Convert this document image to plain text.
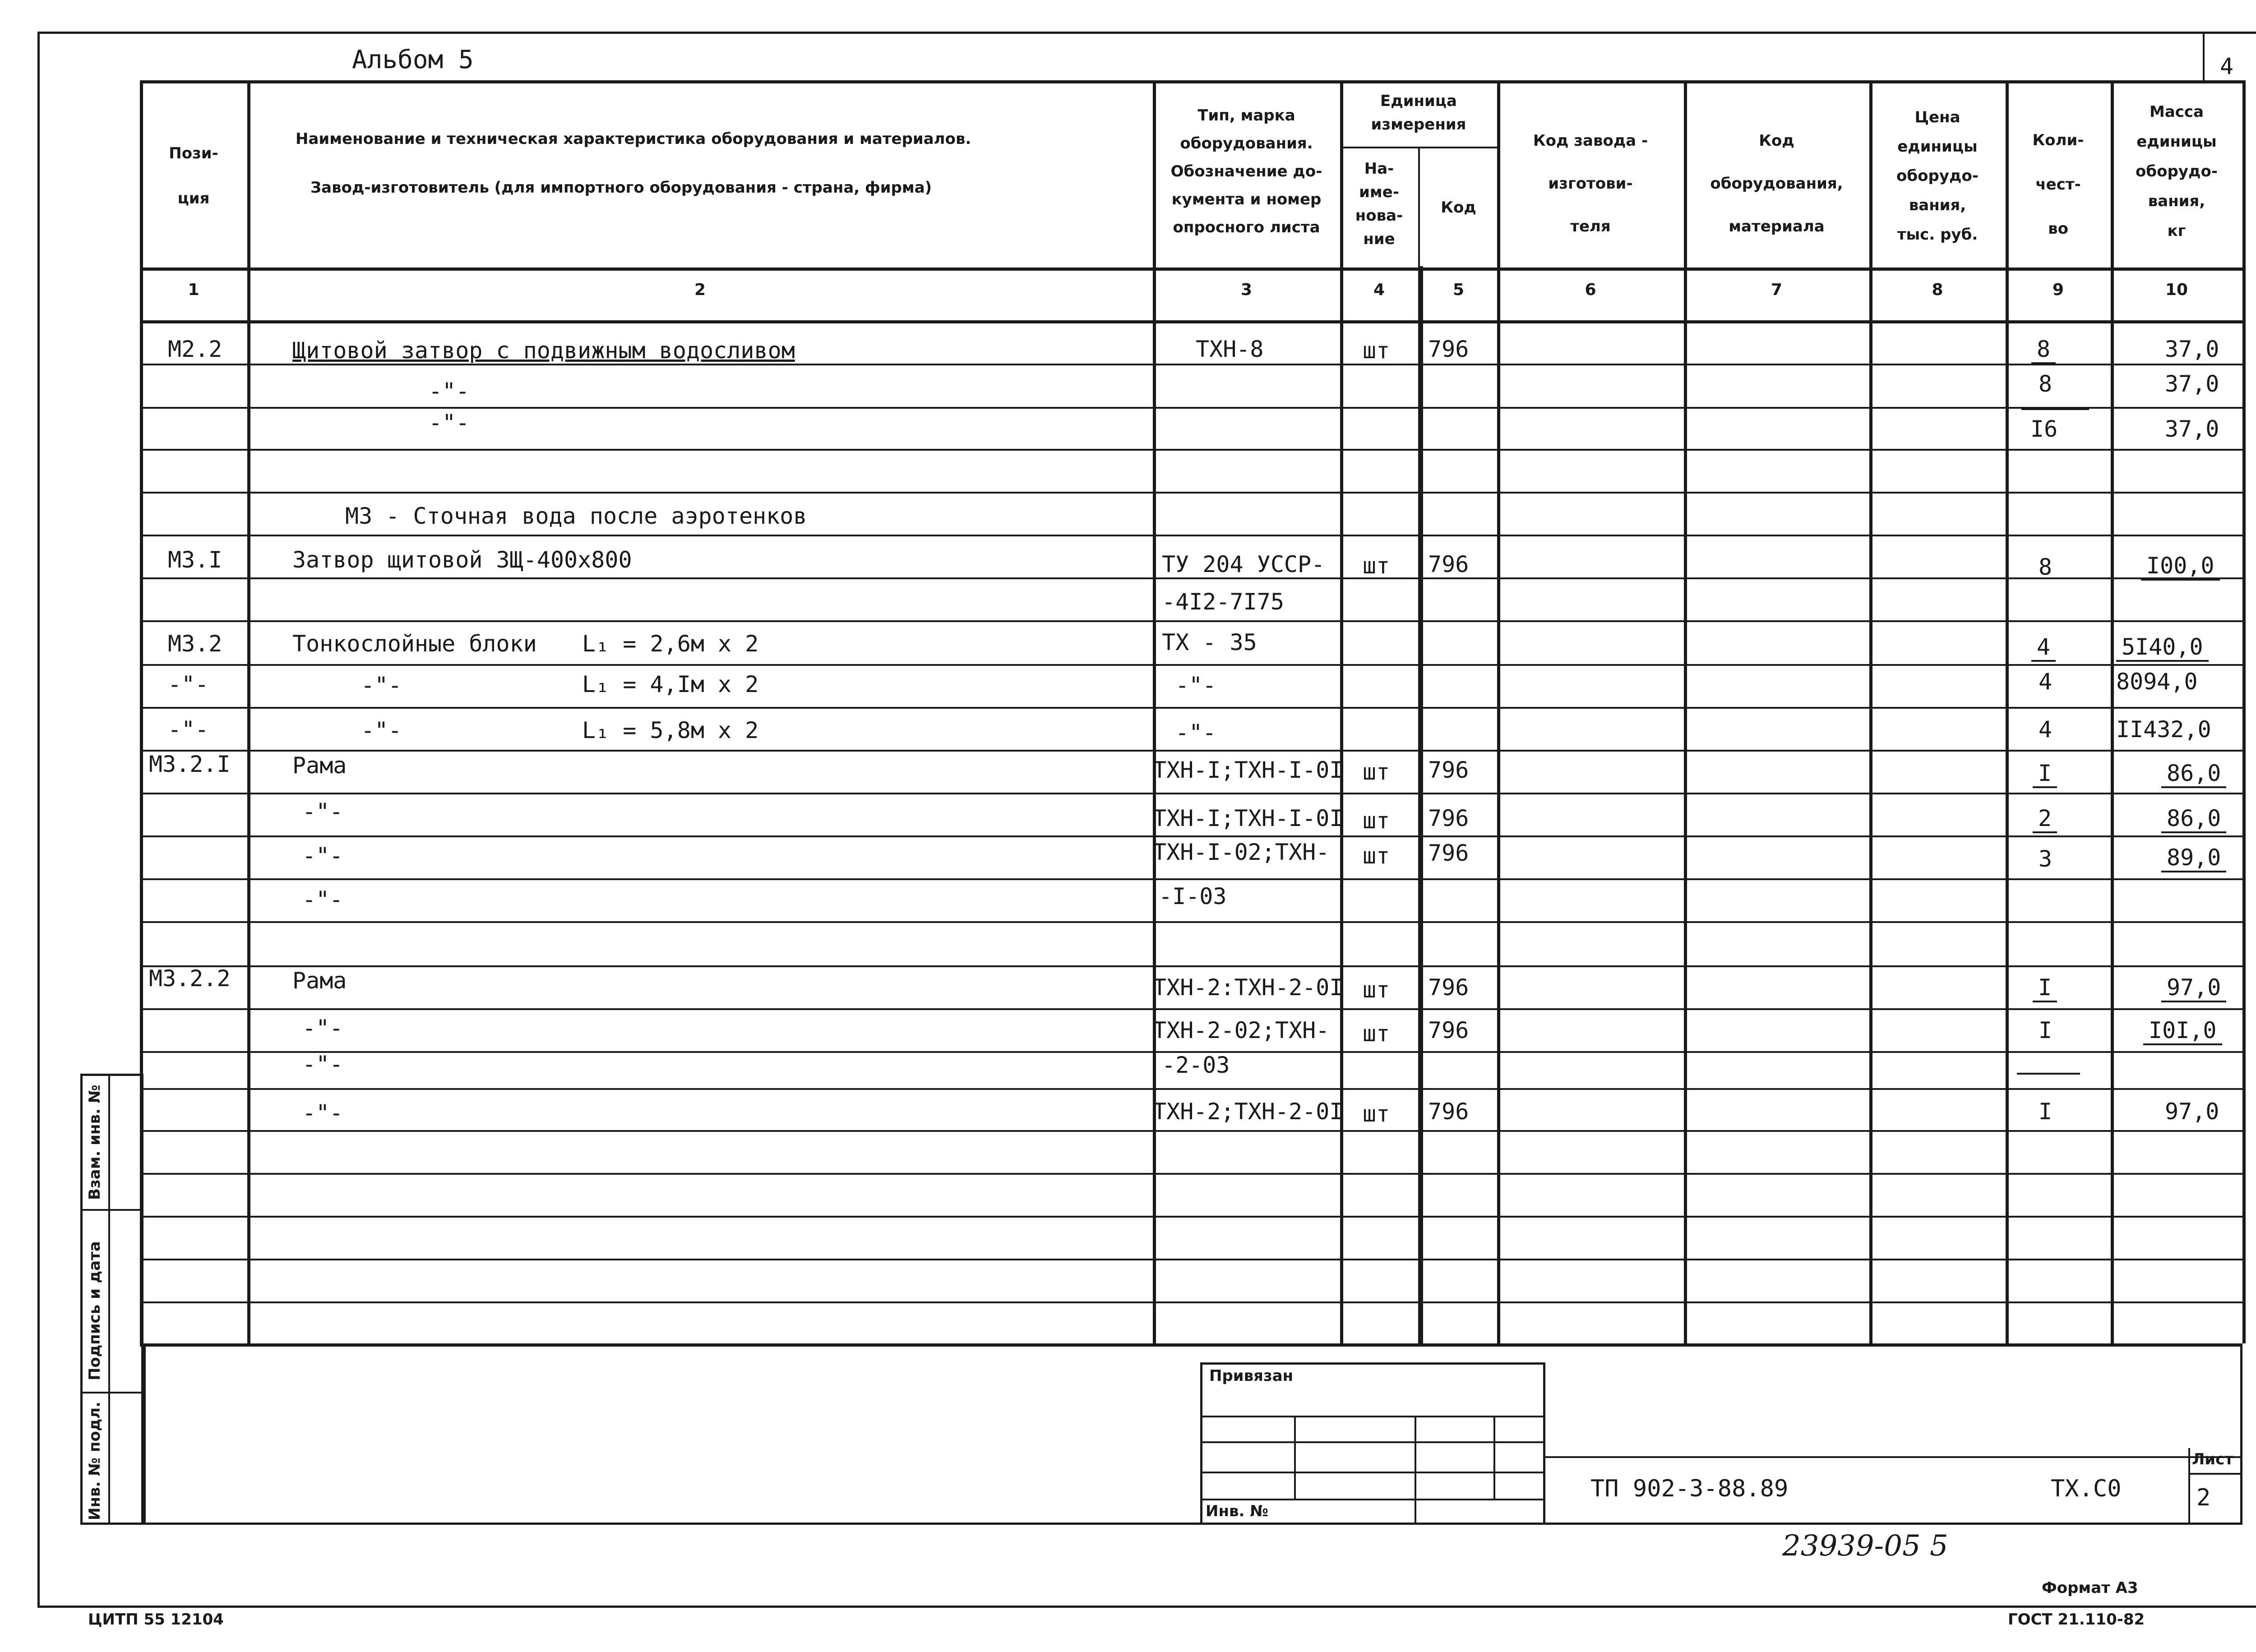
Альбом 5	4
Пози-
ция
Наименование и техническая характеристика оборудования и материалов.
Завод-изготовитель (для импортного оборудования - страна, фирма)
Тип, марка
оборудования.
Обозначение до-
кумента и номер
опросного листа
Единица
измерения
На-
име-
нова-
ние
Код
Код завода -
изготови-
теля
Код
оборудования,
материала
Цена
единицы
оборудо-
вания,
тыс. руб.
Коли-
чест-
во
Масса
единицы
оборудо-
вания,
кг
1	2	3	4	5	6	7	8	9	10
М2.2	Щитовой затвор с подвижным водосливом	ТХН-8	шт 796	8	37,0
-"-	8	37,0
-"-	I6	37,0
М3 - Сточная вода после аэротенков
М3.I	Затвор щитовой ЗЩ-400х800	ТУ 204 УССР-
-4I2-7I75
шт 796	8	I00,0
М3.2	Тонкослойные блоки L₁ = 2,6м х 2	ТХ - 35	4	5I40,0
-"-	-"-	L₁ = 4,Iм х 2	-"-	4	8094,0
-"-	-"-	L₁ = 5,8м х 2	-"-	4	II432,0
М3.2.I	Рама	ТХН-I;ТХН-I-0I шт 796	I	86,0
-"-	ТХН-I;ТХН-I-0I шт 796	2	86,0
-"-	ТХН-I-02;ТХН- шт 796	3	89,0
-"-	-I-03
М3.2.2	Рама	ТХН-2:ТХН-2-0I шт 796	I	97,0
-"-	ТХН-2-02;ТХН- шт 796	I	I0I,0
-"-	-2-03
-"-	ТХН-2;ТХН-2-0I шт 796	I	97,0
Взам. инв. №
Подпись и дата
Инв. № подл.
Привязан
Инв. №
ТП 902-3-88.89	ТХ.С0
Лист
2
23939-05 5
Формат А3
ГОСТ 21.110-82
ЦИТП 55 12104
